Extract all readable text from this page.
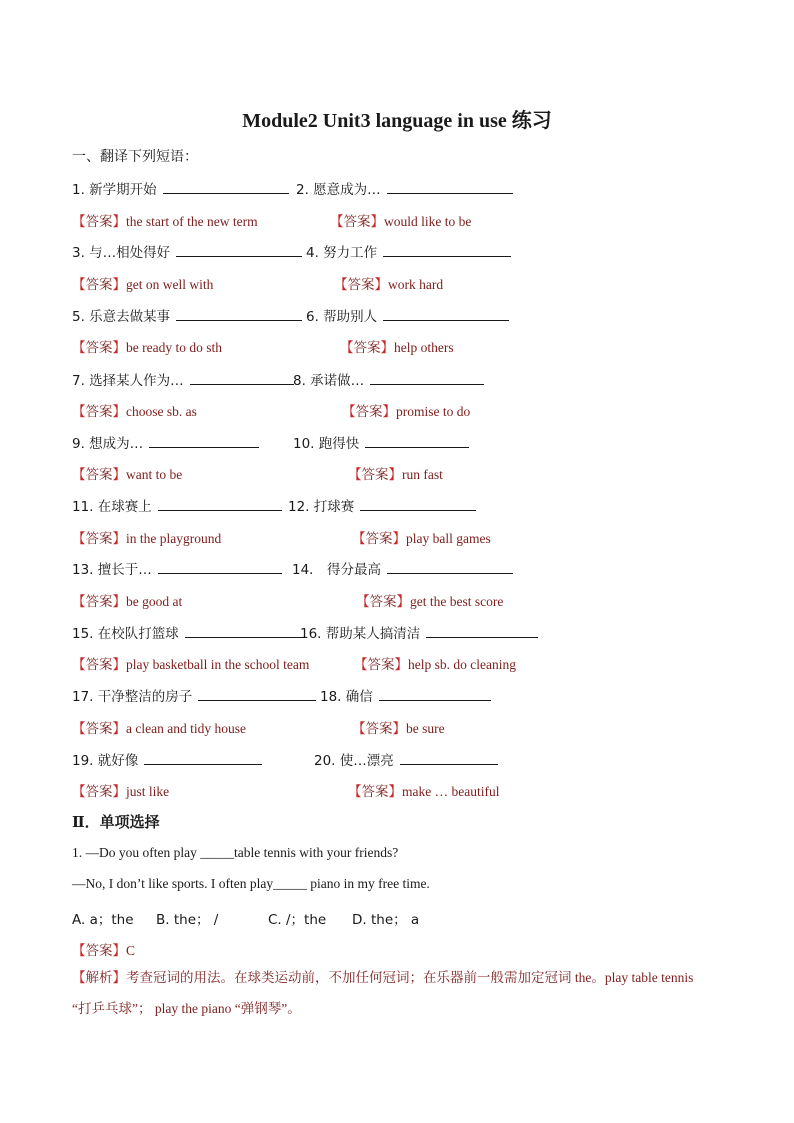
Module2 Unit3 language in use 练习
一、翻译下列短语：
1. 新学期开始
【答案】the start of the new term
2. 愿意成为…
【答案】would like to be
3. 与…相处得好
【答案】get on well with
4. 努力工作
【答案】work hard
5. 乐意去做某事
【答案】be ready to do sth
6. 帮助别人
【答案】help others
7. 选择某人作为…
【答案】choose sb. as
8. 承诺做…
【答案】promise to do
9. 想成为…
【答案】want to be
10. 跑得快
【答案】run fast
11. 在球赛上
【答案】in the playground
12. 打球赛
【答案】play ball games
13. 擅长于…
【答案】be good at
14． 得分最高
【答案】get the best score
15. 在校队打篮球
【答案】play basketball in the school team
16. 帮助某人搞清洁
【答案】help sb. do cleaning
17. 干净整洁的房子
【答案】a clean and tidy house
18. 确信
【答案】be sure
19. 就好像
【答案】just like
20. 使…漂亮
【答案】make … beautiful
Ⅱ．单项选择
1. —Do you often play _____table tennis with your friends?
—No, I don’t like sports. I often play_____ piano in my free time.
A. a；the B. the； /	C. /；the D. the； a
【答案】C
【解析】考查冠词的用法。在球类运动前，不加任何冠词；在乐器前一般需加定冠词 the。play table tennis
“打乒乓球”； play the piano “弹钢琴”。
